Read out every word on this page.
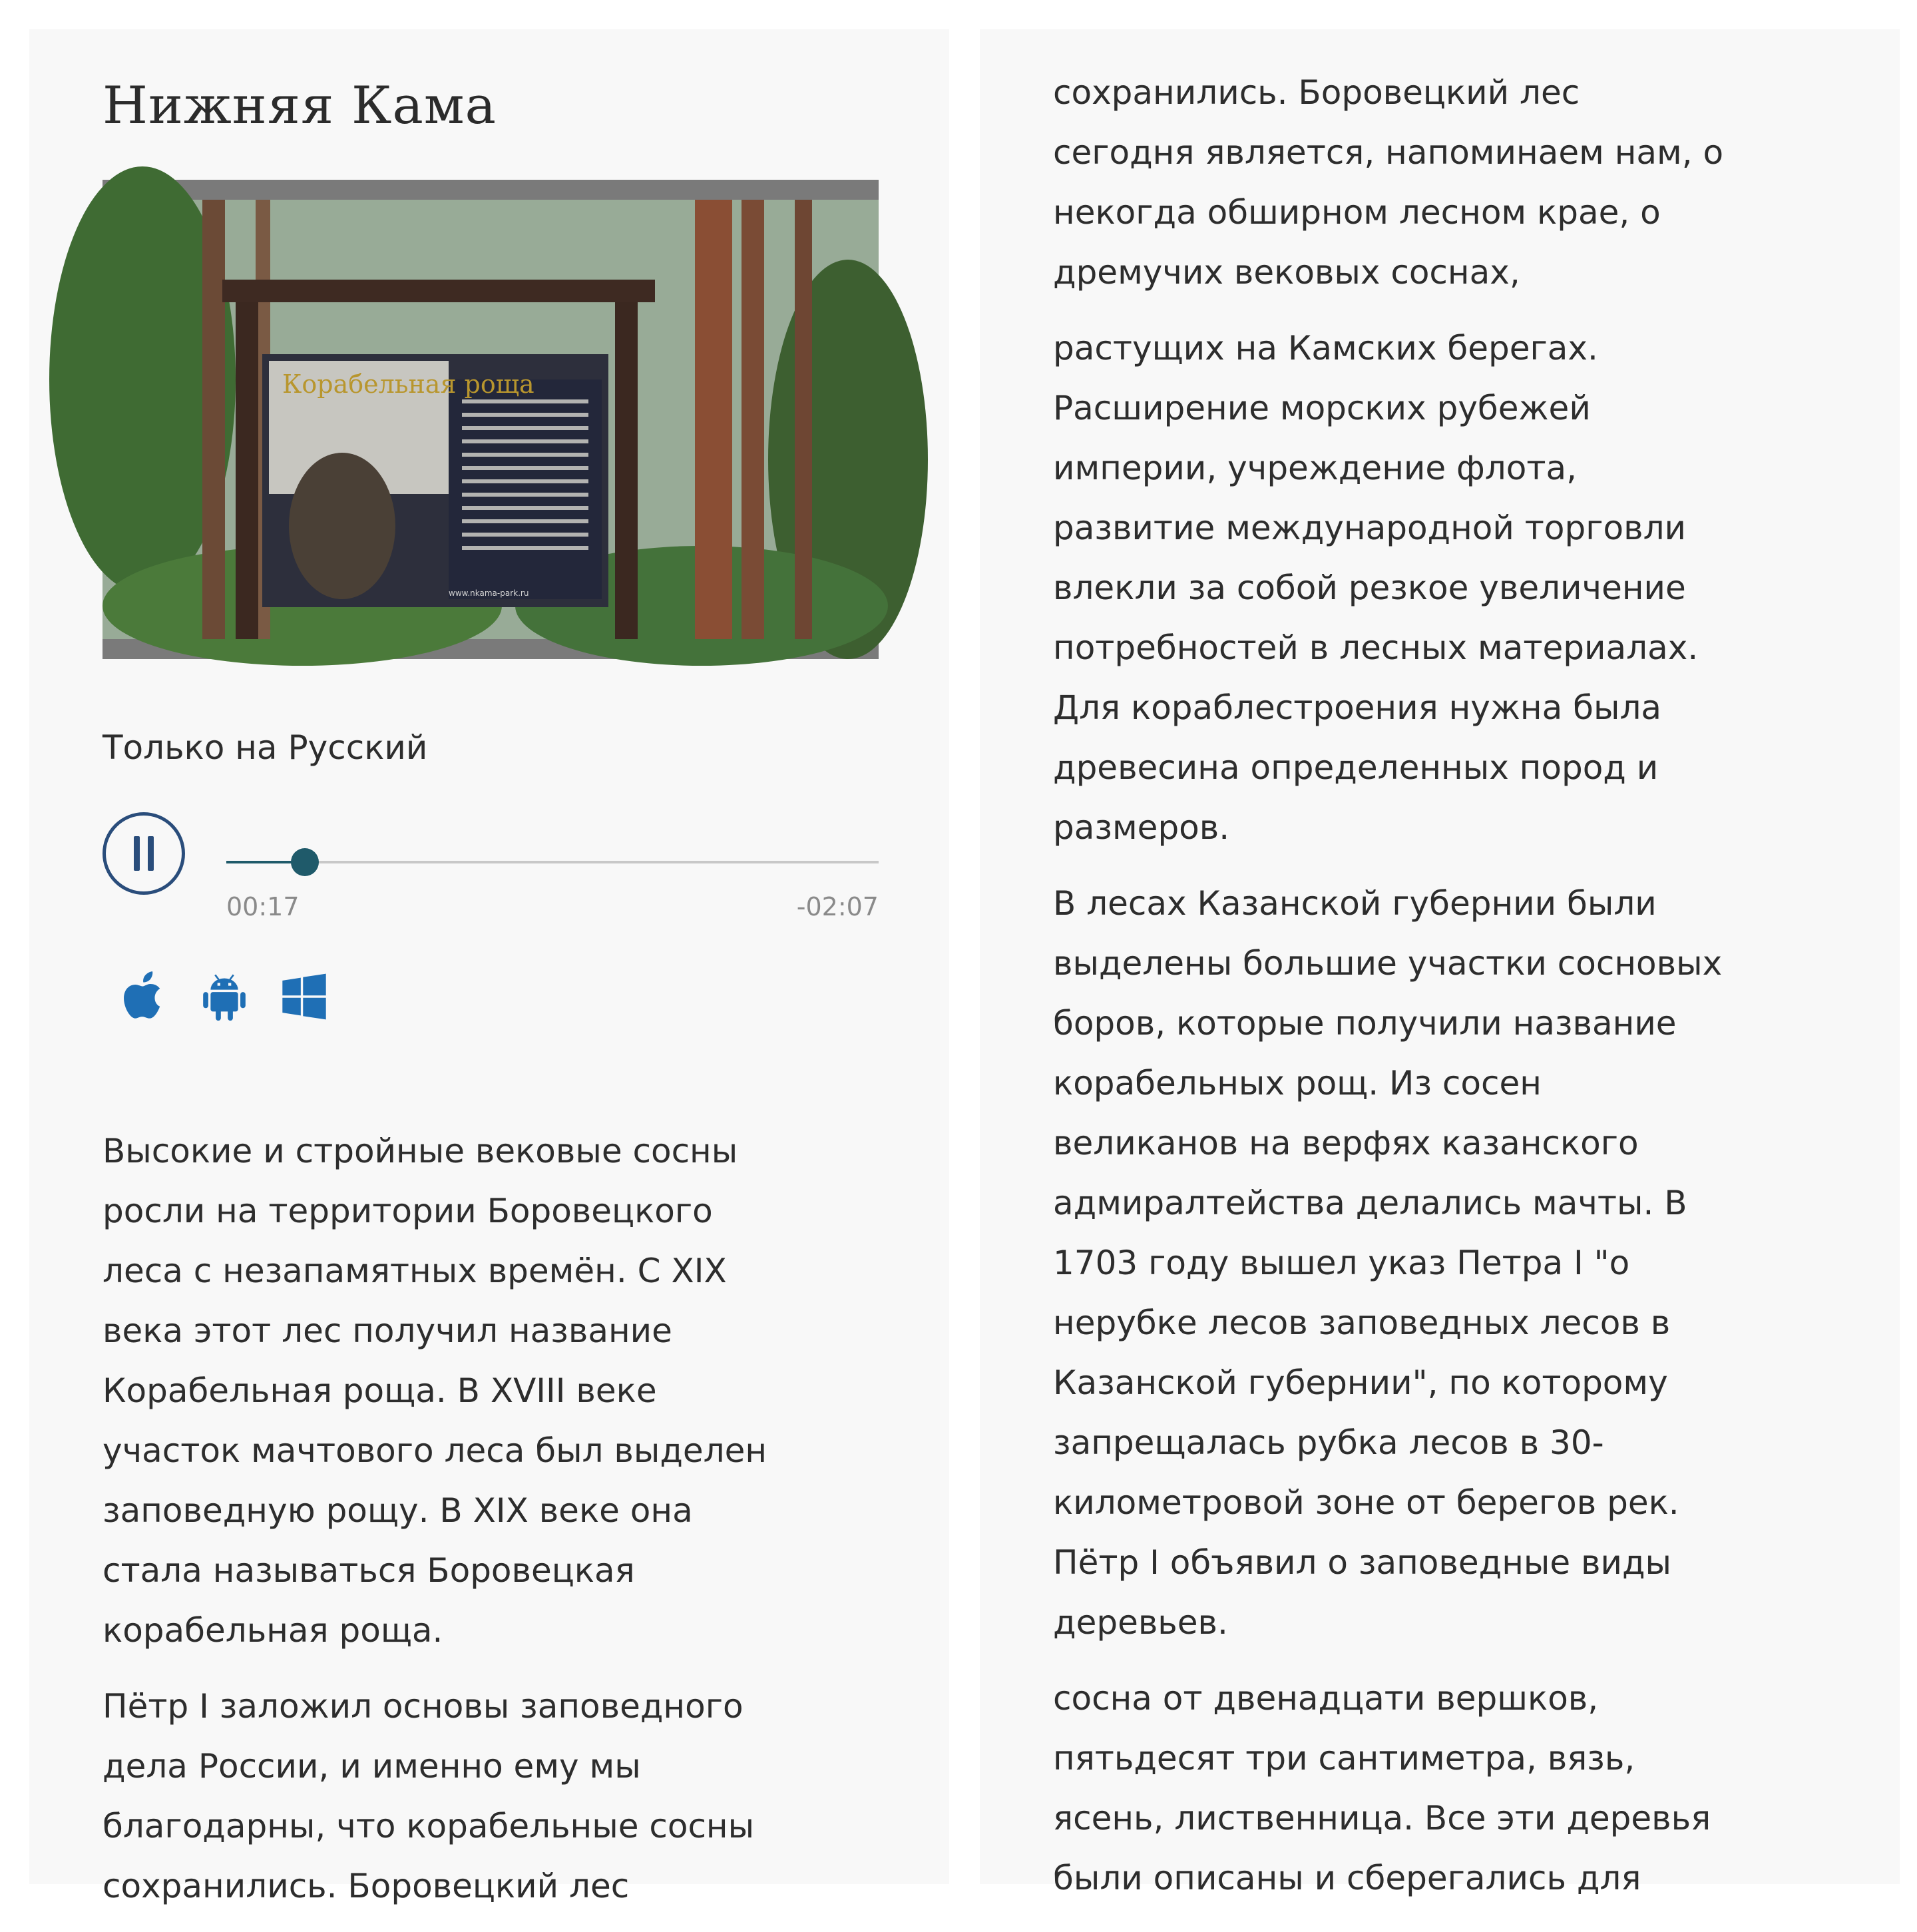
Нижняя Кама
Корабельная роща
www.nkama-park.ru
Только на Русский
00:17	-02:07

Высокие и стройные вековые сосны
росли на территории Боровецкого
леса с незапамятных времён. С XIX
века этот лес получил название
Корабельная роща. В XVIII веке
участок мачтового леса был выделен
заповедную рощу. В XIX веке она
стала называться Боровецкая
корабельная роща.

Пётр I заложил основы заповедного
дела России, и именно ему мы
благодарны, что корабельные сосны
сохранились. Боровецкий лес

сохранились. Боровецкий лес
сегодня является, напоминаем нам, о
некогда обширном лесном крае, о
дремучих вековых соснах,

растущих на Камских берегах.
Расширение морских рубежей
империи, учреждение флота,
развитие международной торговли
влекли за собой резкое увеличение
потребностей в лесных материалах.
Для кораблестроения нужна была
древесина определенных пород и
размеров.

В лесах Казанской губернии были
выделены большие участки сосновых
боров, которые получили название
корабельных рощ. Из сосен
великанов на верфях казанского
адмиралтейства делались мачты. В
1703 году вышел указ Петра I "о
нерубке лесов заповедных лесов в
Казанской губернии", по которому
запрещалась рубка лесов в 30-
километровой зоне от берегов рек.
Пётр I объявил о заповедные виды
деревьев.

сосна от двенадцати вершков,
пятьдесят три сантиметра, вязь,
ясень, лиственница. Все эти деревья
были описаны и сберегались для
